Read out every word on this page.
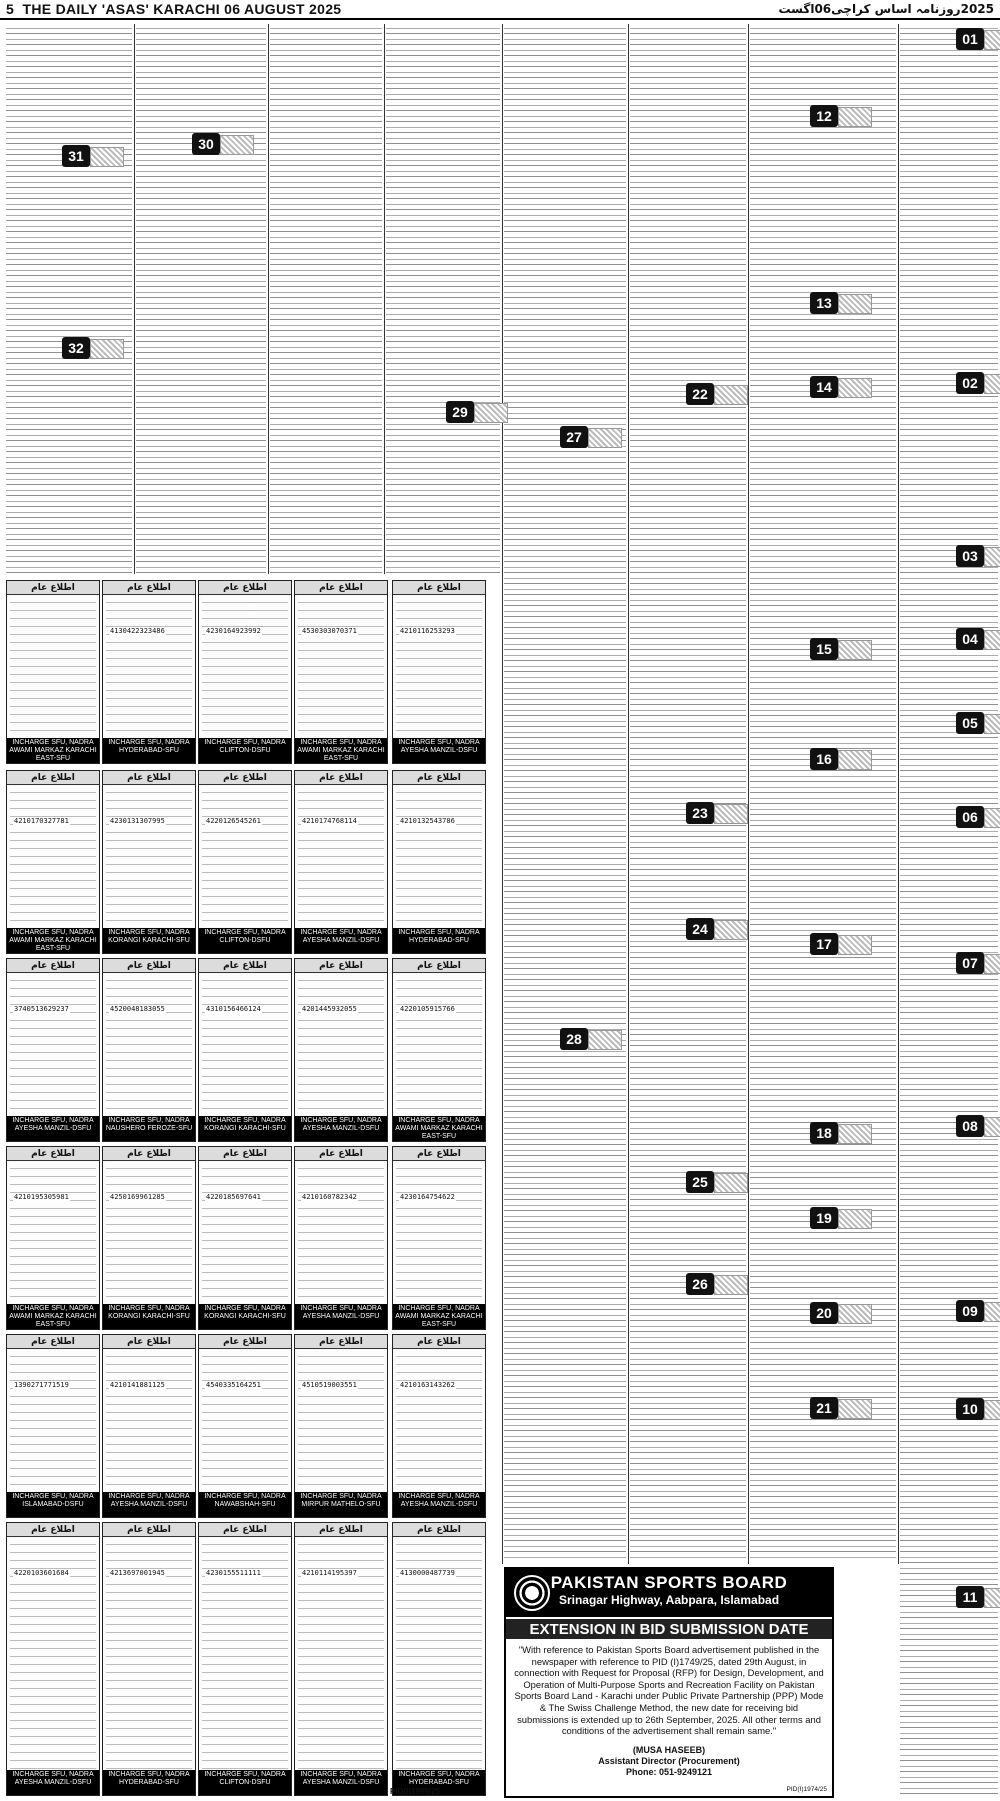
5 THE DAILY 'ASAS' KARACHI 06 AUGUST 2025	2025روزنامہ اساس کراچی06اگست
01
02
03
04
05
06
07
08
09
10
11
12
13
14
15
16
17
18
19
20
21
22
23
24
25
26
27
28
29
30
31
32
اطلاع عام
4210116253293
INCHARGE SFU, NADRA AYESHA MANZIL-DSFU
اطلاع عام
4530303070371
INCHARGE SFU, NADRA AWAMI MARKAZ KARACHI EAST-SFU
اطلاع عام
4230164923992
INCHARGE SFU, NADRA CLIFTON-DSFU
اطلاع عام
4130422323486
INCHARGE SFU, NADRA HYDERABAD-SFU
اطلاع عام
INCHARGE SFU, NADRA AWAMI MARKAZ KARACHI EAST-SFU
اطلاع عام
4210132543786
INCHARGE SFU, NADRA HYDERABAD-SFU
اطلاع عام
4210174768114
INCHARGE SFU, NADRA AYESHA MANZIL-DSFU
اطلاع عام
4220126545261
INCHARGE SFU, NADRA CLIFTON-DSFU
اطلاع عام
4230131307995
INCHARGE SFU, NADRA KORANGI KARACHI-SFU
اطلاع عام
4210170327781
INCHARGE SFU, NADRA AWAMI MARKAZ KARACHI EAST-SFU
اطلاع عام
4220105915766
INCHARGE SFU, NADRA AWAMI MARKAZ KARACHI EAST-SFU
اطلاع عام
4201445932055
INCHARGE SFU, NADRA AYESHA MANZIL-DSFU
اطلاع عام
4310156466124
INCHARGE SFU, NADRA KORANGI KARACHI-SFU
اطلاع عام
4520048183055
INCHARGE SFU, NADRA NAUSHERO FEROZE-SFU
اطلاع عام
3740513629237
INCHARGE SFU, NADRA AYESHA MANZIL-DSFU
اطلاع عام
4230164754622
INCHARGE SFU, NADRA AWAMI MARKAZ KARACHI EAST-SFU
اطلاع عام
4210160782342
INCHARGE SFU, NADRA AYESHA MANZIL-DSFU
اطلاع عام
4220185697641
INCHARGE SFU, NADRA KORANGI KARACHI-SFU
اطلاع عام
4250169961285
INCHARGE SFU, NADRA KORANGI KARACHI-SFU
اطلاع عام
4210195305981
INCHARGE SFU, NADRA AWAMI MARKAZ KARACHI EAST-SFU
اطلاع عام
4210163143262
INCHARGE SFU, NADRA AYESHA MANZIL-DSFU
اطلاع عام
4510519003551
INCHARGE SFU, NADRA MIRPUR MATHELO-SFU
اطلاع عام
4540335164251
INCHARGE SFU, NADRA NAWABSHAH-SFU
اطلاع عام
4210141881125
INCHARGE SFU, NADRA AYESHA MANZIL-DSFU
اطلاع عام
1390271771519
INCHARGE SFU, NADRA ISLAMABAD-DSFU
اطلاع عام
4130000487739
INCHARGE SFU, NADRA HYDERABAD-SFU
اطلاع عام
4210114195397
INCHARGE SFU, NADRA AYESHA MANZIL-DSFU
اطلاع عام
4230155511111
INCHARGE SFU, NADRA CLIFTON-DSFU
اطلاع عام
4213697001945
INCHARGE SFU, NADRA HYDERABAD-SFU
اطلاع عام
4220103601684
INCHARGE SFU, NADRA AYESHA MANZIL-DSFU
PID(I)1999/25
PAKISTAN SPORTS BOARD
Srinagar Highway, Aabpara, Islamabad
EXTENSION IN BID SUBMISSION DATE
"With reference to Pakistan Sports Board advertisement published in the newspaper with reference to PID (I)1749/25, dated 29th August, in connection with Request for Proposal (RFP) for Design, Development, and Operation of Multi-Purpose Sports and Recreation Facility on Pakistan Sports Board Land - Karachi under Public Private Partnership (PPP) Mode & The Swiss Challenge Method, the new date for receiving bid submissions is extended up to 26th September, 2025. All other terms and conditions of the advertisement shall remain same."
(MUSA HASEEB)
Assistant Director (Procurement)
Phone: 051-9249121
PID(I)1974/25
